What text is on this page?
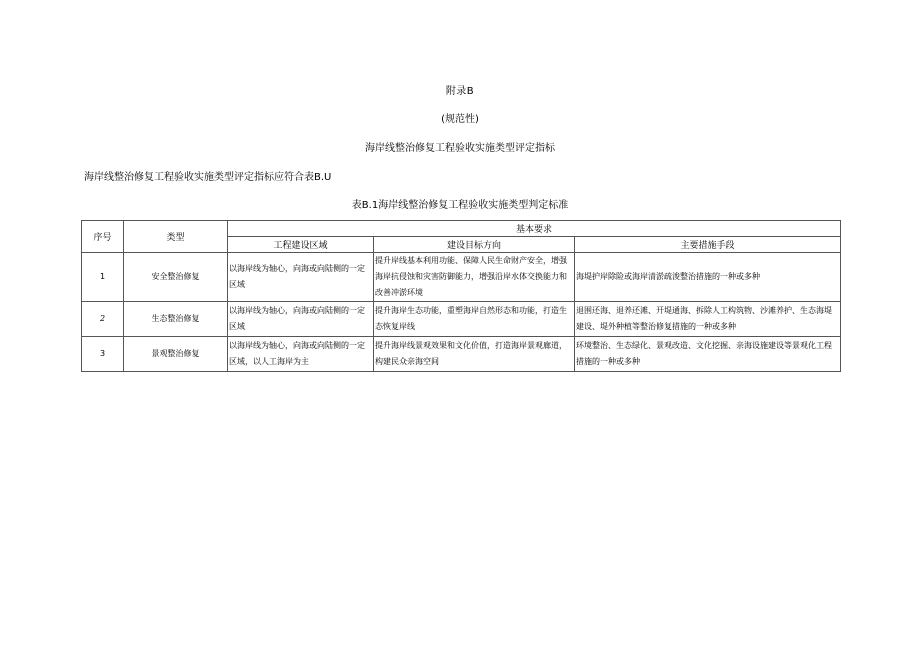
附录B
(规范性)
海岸线整治修复工程验收实施类型评定指标
海岸线整治修复工程验收实施类型评定指标应符合表B.U
表B.1海岸线整治修复工程验收实施类型判定标准
序号	类型	基本要求		
		工程建设区域	建设目标方向	主要措施手段
1	安全整治修复	以海岸线为轴心，向海或向陆侧的一定区域	提升岸线基本利用功能、保障人民生命财产安全，增强海岸抗侵蚀和灾害防御能力，增强沿岸水体交换能力和改善冲淤环境	海堤护岸除险或海岸清淤疏浚整治措施的一种或多种
2	生态整治修复	以海岸线为轴心，向海或向陆侧的一定区域	提升海岸生态功能，重塑海岸自然形态和功能，打造生态恢复岸线	退围还海、退养还滩、开堤通海、拆除人工构筑物、沙滩养护、生态海堤建设、堤外种植等整治修复措施的一种或多种
3	景观整治修复	以海岸线为轴心，向海或向陆侧的一定区域，以人工海岸为主	提升海岸线景观效果和文化价值，打造海岸景观廊道，构建民众亲海空间	环境整治、生态绿化、景观改造、文化挖掘、亲海设施建设等景观化工程措施的一种或多种
